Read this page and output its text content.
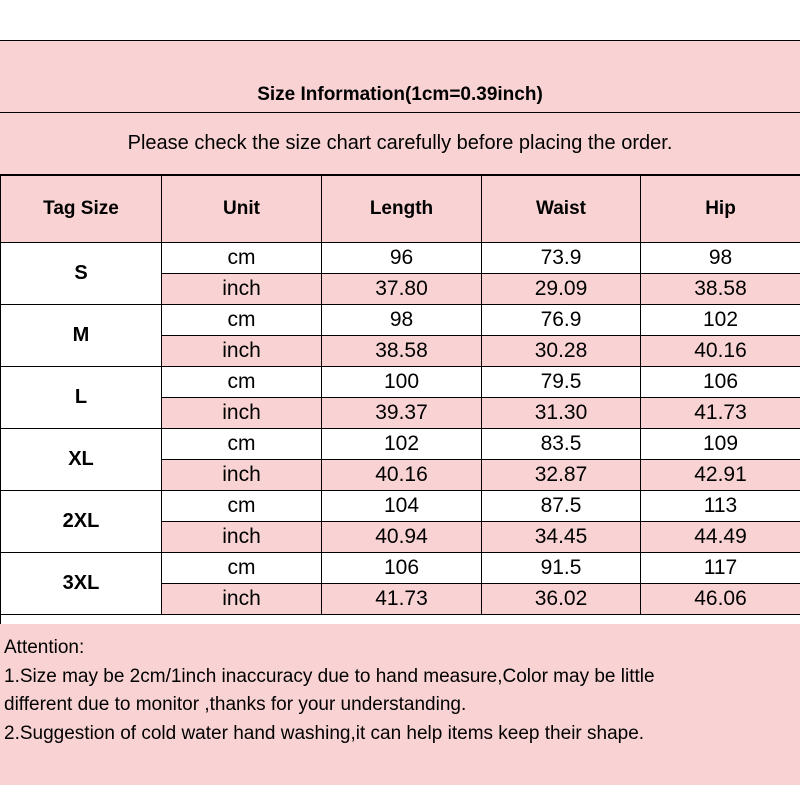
Size Information(1cm=0.39inch)
Please check the size chart carefully before placing the order.
Tag Size	Unit	Length	Waist	Hip
S	cm	96	73.9	98
	inch	37.80	29.09	38.58
M	cm	98	76.9	102
	inch	38.58	30.28	40.16
L	cm	100	79.5	106
	inch	39.37	31.30	41.73
XL	cm	102	83.5	109
	inch	40.16	32.87	42.91
2XL	cm	104	87.5	113
	inch	40.94	34.45	44.49
3XL	cm	106	91.5	117
	inch	41.73	36.02	46.06
Attention:
1.Size may be 2cm/1inch inaccuracy due to hand measure,Color may be little
different due to monitor ,thanks for your understanding.
2.Suggestion of cold water hand washing,it can help items keep their shape.
